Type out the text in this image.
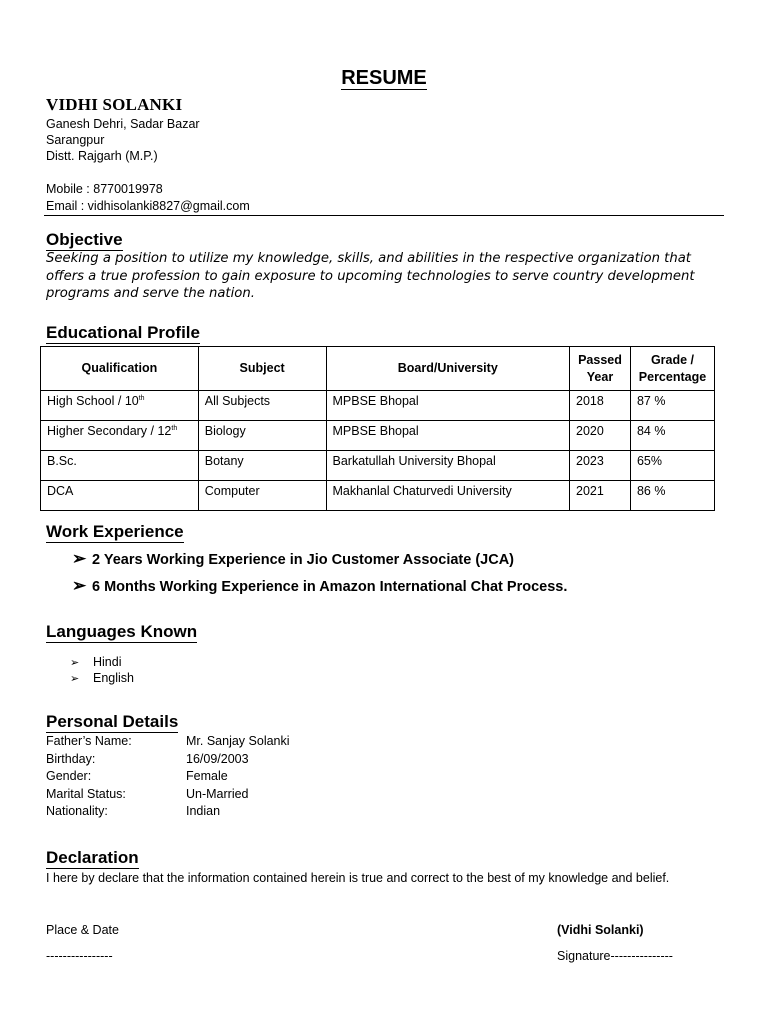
RESUME
VIDHI SOLANKI
Ganesh Dehri, Sadar Bazar
Sarangpur
Distt. Rajgarh (M.P.)
Mobile : 8770019978
Email : vidhisolanki8827@gmail.com
Objective
Seeking a position to utilize my knowledge, skills, and abilities in the respective organization that offers a true profession to gain exposure to upcoming technologies to serve country development programs and serve the nation.
Educational Profile
Qualification	Subject	Board/University	Passed Year	Grade / Percentage
High School / 10th	All Subjects	MPBSE Bhopal	2018	87 %
Higher Secondary / 12th	Biology	MPBSE Bhopal	2020	84 %
B.Sc.	Botany	Barkatullah University Bhopal	2023	65%
DCA	Computer	Makhanlal Chaturvedi University	2021	86 %
Work Experience
➢ 2 Years Working Experience in Jio Customer Associate (JCA)
➢ 6 Months Working Experience in Amazon International Chat Process.
Languages Known
➢ Hindi
➢ English
Personal Details
Father’s Name:	Mr. Sanjay Solanki
Birthday:	16/09/2003
Gender:	Female
Marital Status:	Un-Married
Nationality:	Indian
Declaration
I here by declare that the information contained herein is true and correct to the best of my knowledge and belief.
Place & Date
----------------
(Vidhi Solanki)
Signature---------------
